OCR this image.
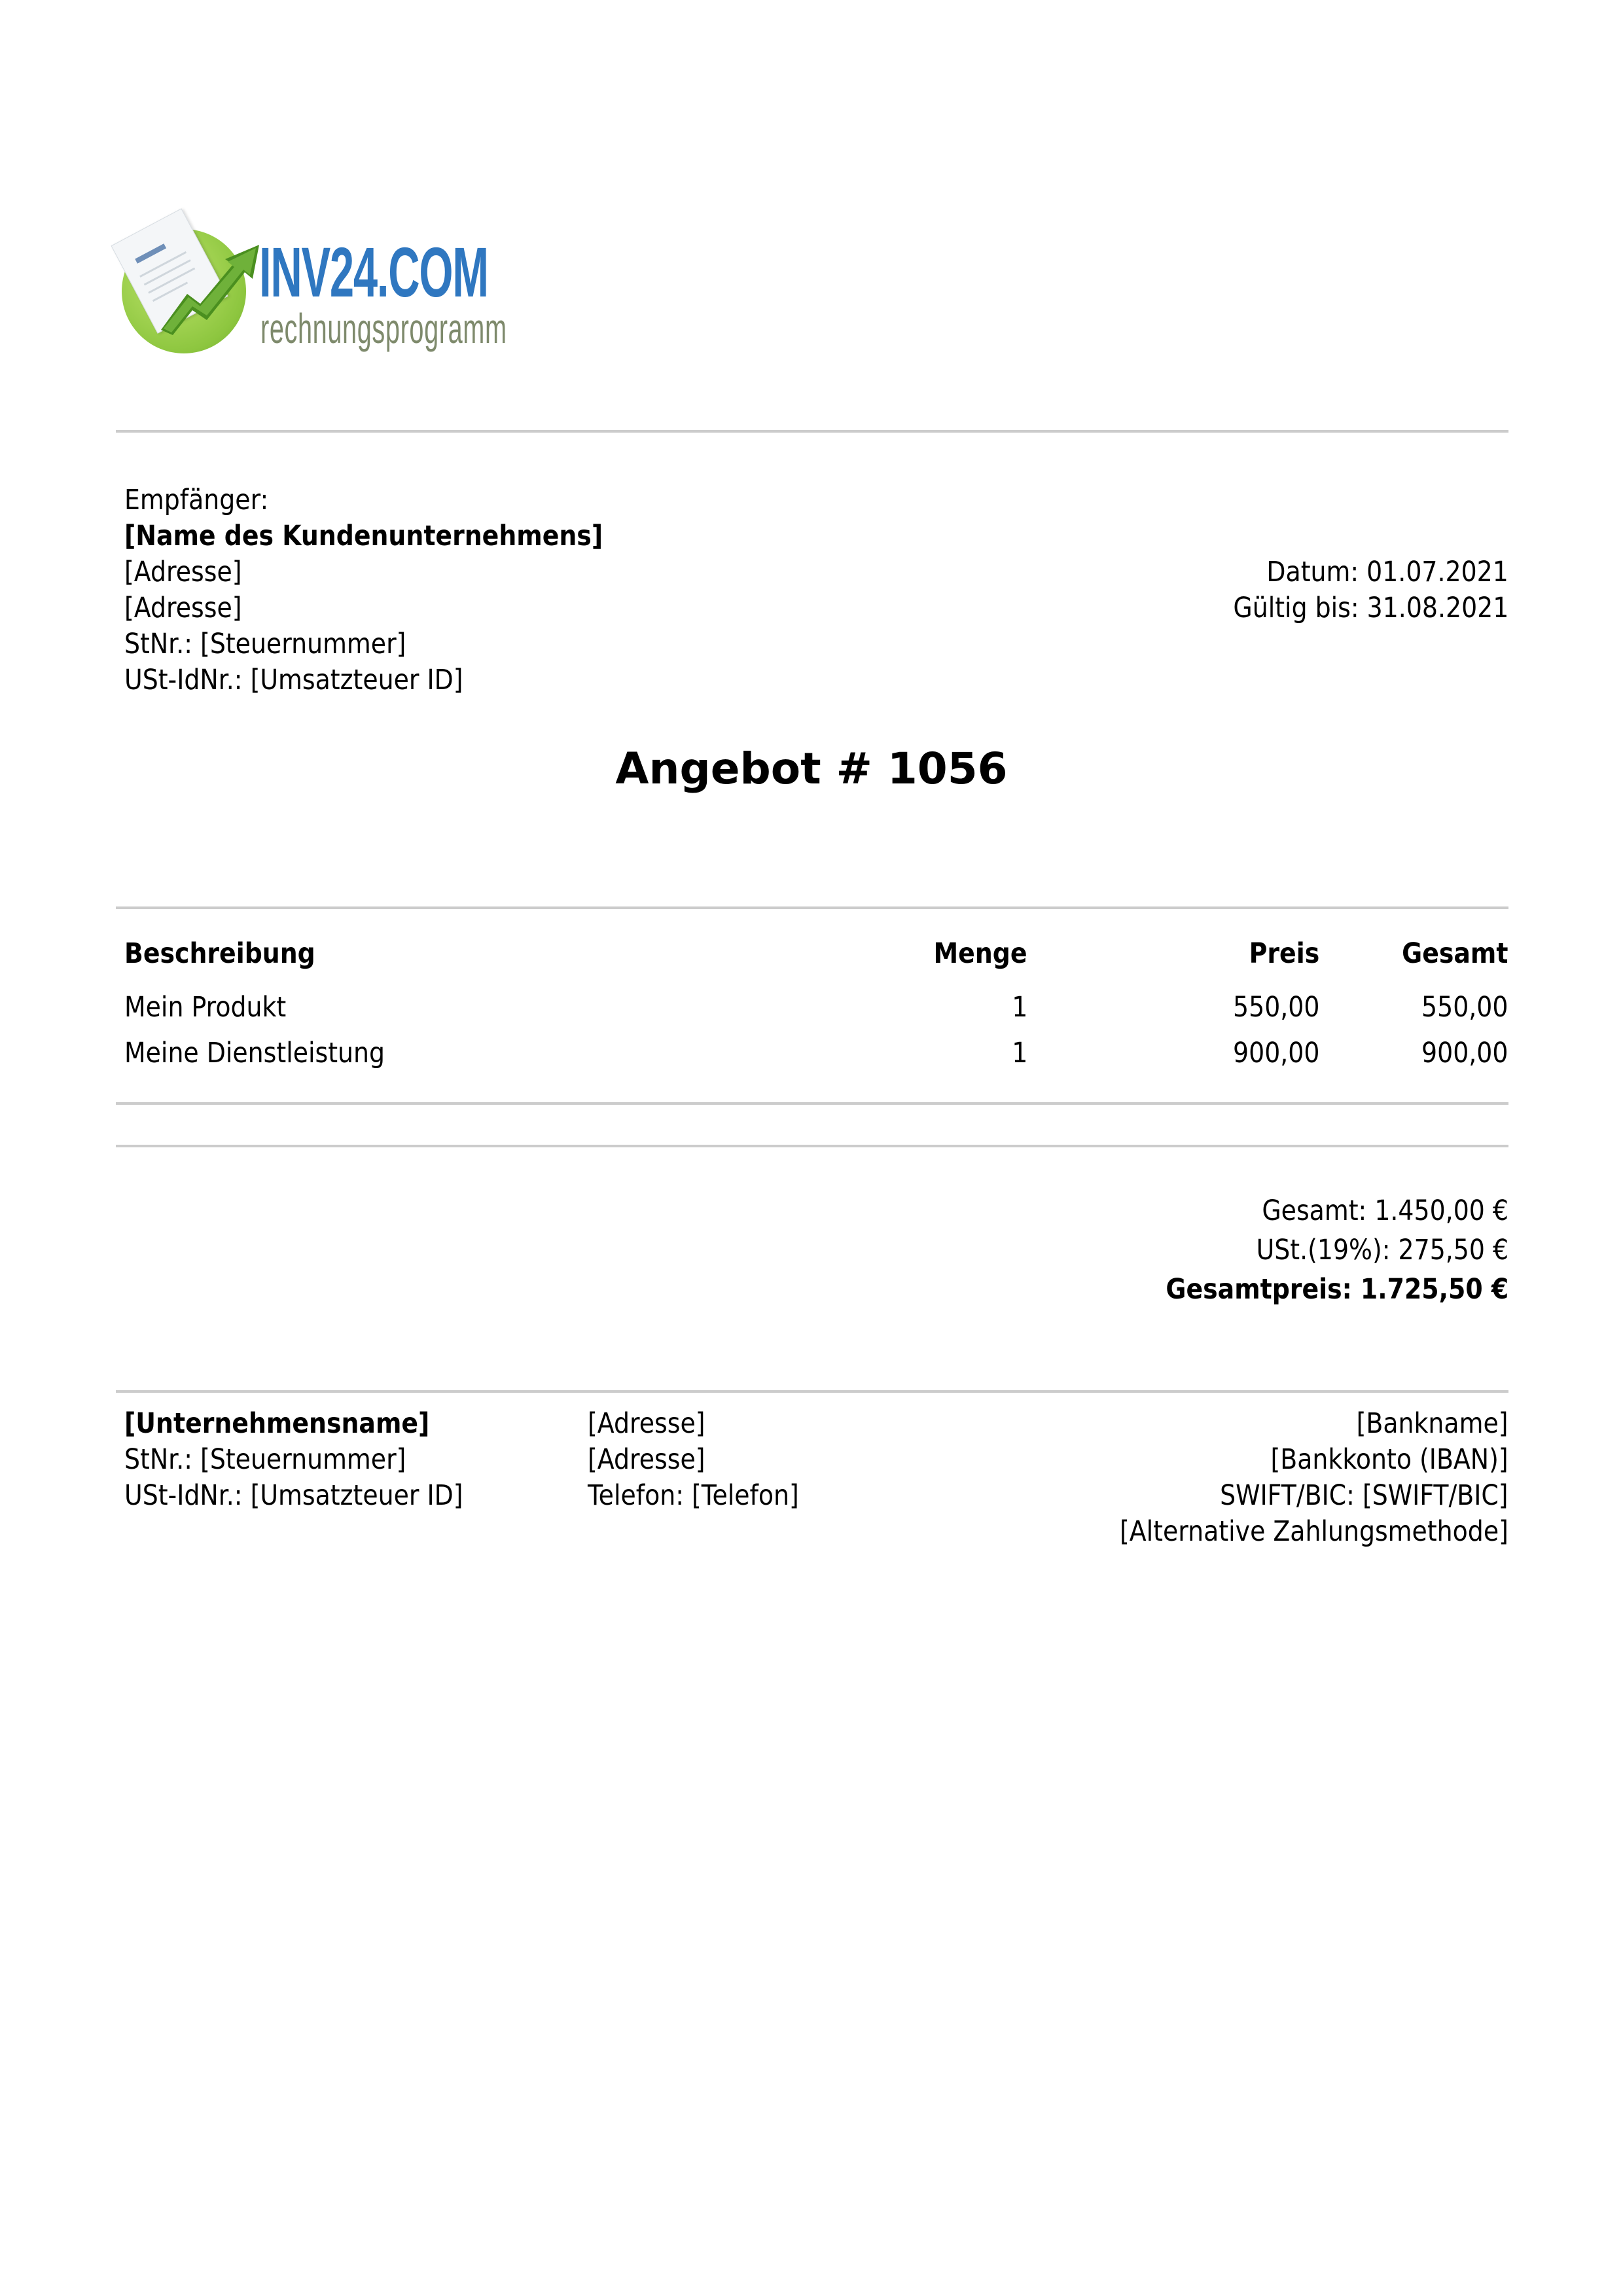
INV24.COM
rechnungsprogramm
Empfänger:
[Name des Kundenunternehmens]
[Adresse]
[Adresse]
StNr.: [Steuernummer]
USt-IdNr.: [Umsatzteuer ID]
Datum: 01.07.2021
Gültig bis: 31.08.2021
Angebot # 1056
Beschreibung	Menge	Preis	Gesamt
Mein Produkt	1	550,00	550,00
Meine Dienstleistung	1	900,00	900,00
Gesamt: 1.450,00 €
USt.(19%): 275,50 €
Gesamtpreis: 1.725,50 €
[Unternehmensname]
StNr.: [Steuernummer]
USt-IdNr.: [Umsatzteuer ID]
[Adresse]
[Adresse]
Telefon: [Telefon]
[Bankname]
[Bankkonto (IBAN)]
SWIFT/BIC: [SWIFT/BIC]
[Alternative Zahlungsmethode]
